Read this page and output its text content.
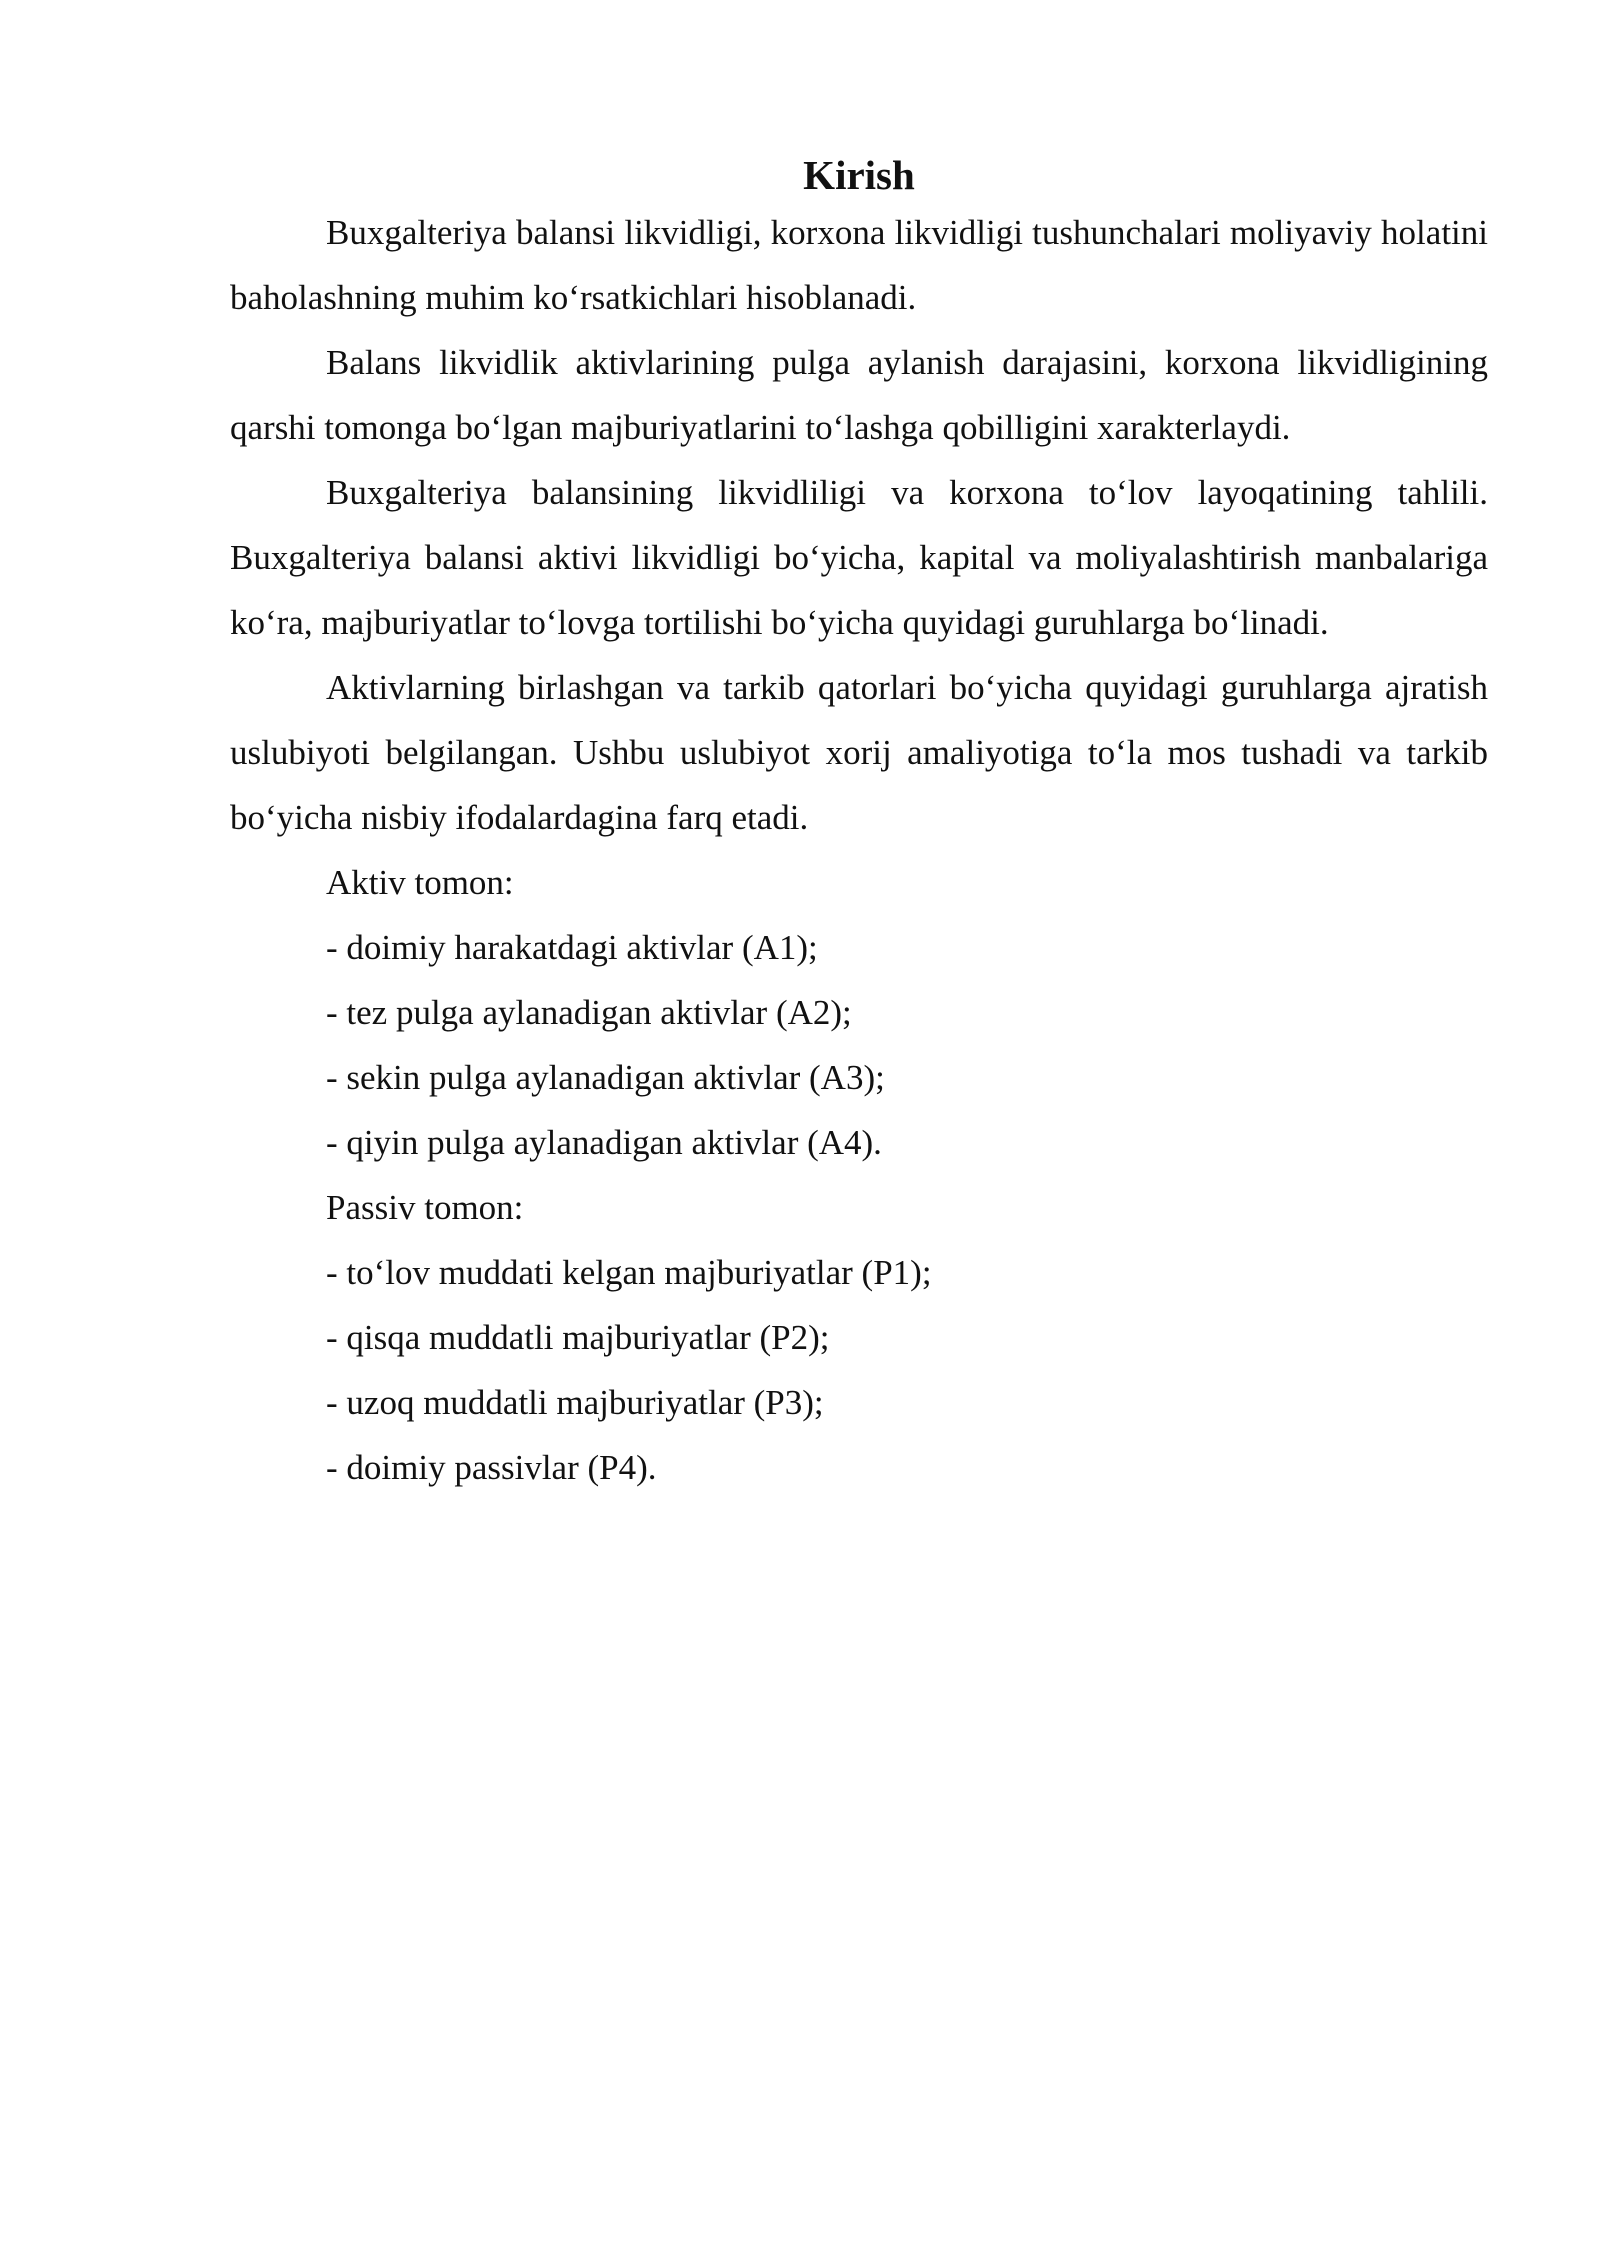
Kirish

Buxgalteriya balansi likvidligi, korxona likvidligi tushunchalari moliyaviy holatini baholashning muhim ko‘rsatkichlari hisoblanadi.

Balans likvidlik aktivlarining pulga aylanish darajasini, korxona likvidligining qarshi tomonga bo‘lgan majburiyatlarini to‘lashga qobilligini xarakterlaydi.

Buxgalteriya balansining likvidliligi va korxona to‘lov layoqatining tahlili. Buxgalteriya balansi aktivi likvidligi bo‘yicha, kapital va moliyalashtirish manbalariga ko‘ra, majburiyatlar to‘lovga tortilishi bo‘yicha quyidagi guruhlarga bo‘linadi.

Aktivlarning birlashgan va tarkib qatorlari bo‘yicha quyidagi guruhlarga ajratish uslubiyoti belgilangan. Ushbu uslubiyot xorij amaliyotiga to‘la mos tushadi va tarkib bo‘yicha nisbiy ifodalardagina farq etadi.

Aktiv tomon:

- doimiy harakatdagi aktivlar (A1);

- tez pulga aylanadigan aktivlar (A2);

- sekin pulga aylanadigan aktivlar (A3);

- qiyin pulga aylanadigan aktivlar (A4).

Passiv tomon:

- to‘lov muddati kelgan majburiyatlar (P1);

- qisqa muddatli majburiyatlar (P2);

- uzoq muddatli majburiyatlar (P3);

- doimiy passivlar (P4).
